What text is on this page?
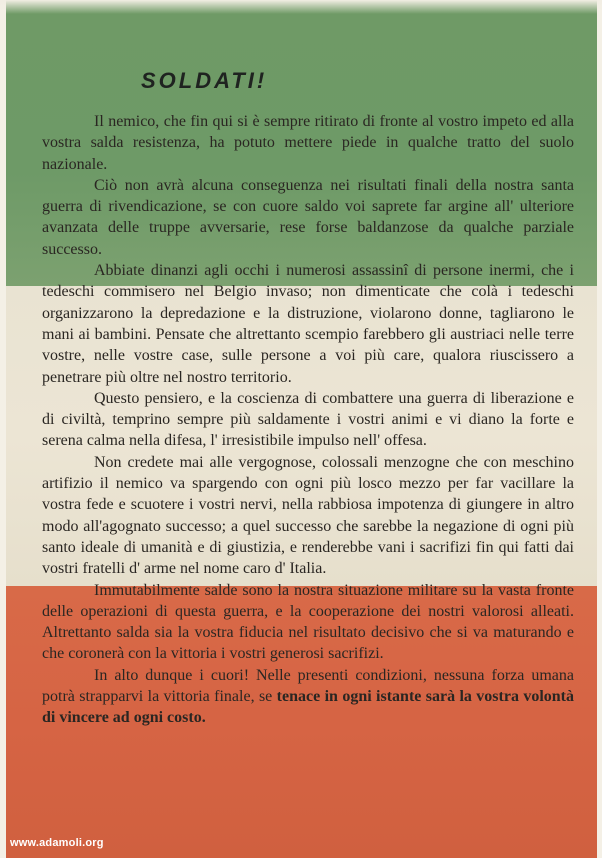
SOLDATI!

Il nemico, che fin qui si è sempre ritirato di fronte al vostro impeto ed alla vostra salda resistenza, ha potuto mettere piede in qualche tratto del suolo nazionale.

Ciò non avrà alcuna conseguenza nei risultati finali della nostra santa guerra di rivendicazione, se con cuore saldo voi saprete far argine all' ulteriore avanzata delle truppe avversarie, rese forse baldanzose da qualche parziale successo.

Abbiate dinanzi agli occhi i numerosi assassinî di persone inermi, che i tedeschi commisero nel Belgio invaso; non dimenticate che colà i tedeschi organizzarono la depredazione e la distruzione, violarono donne, tagliarono le mani ai bambini. Pensate che altrettanto scempio farebbero gli austriaci nelle terre vostre, nelle vostre case, sulle persone a voi più care, qualora riuscissero a penetrare più oltre nel nostro territorio.

Questo pensiero, e la coscienza di combattere una guerra di liberazione e di civiltà, temprino sempre più saldamente i vostri animi e vi diano la forte e serena calma nella difesa, l' irresistibile impulso nell' offesa.

Non credete mai alle vergognose, colossali menzogne che con meschino artifizio il nemico va spargendo con ogni più losco mezzo per far vacillare la vostra fede e scuotere i vostri nervi, nella rabbiosa impotenza di giungere in altro modo all'agognato successo; a quel successo che sarebbe la negazione di ogni più santo ideale di umanità e di giustizia, e renderebbe vani i sacrifizi fin qui fatti dai vostri fratelli d' arme nel nome caro d' Italia.

Immutabilmente salde sono la nostra situazione militare su la vasta fronte delle operazioni di questa guerra, e la cooperazione dei nostri valorosi alleati. Altrettanto salda sia la vostra fiducia nel risultato decisivo che si va maturando e che coronerà con la vittoria i vostri generosi sacrifizi.

In alto dunque i cuori! Nelle presenti condizioni, nessuna forza umana potrà strapparvi la vittoria finale, se tenace in ogni istante sarà la vostra volontà di vincere ad ogni costo.

www.adamoli.org
